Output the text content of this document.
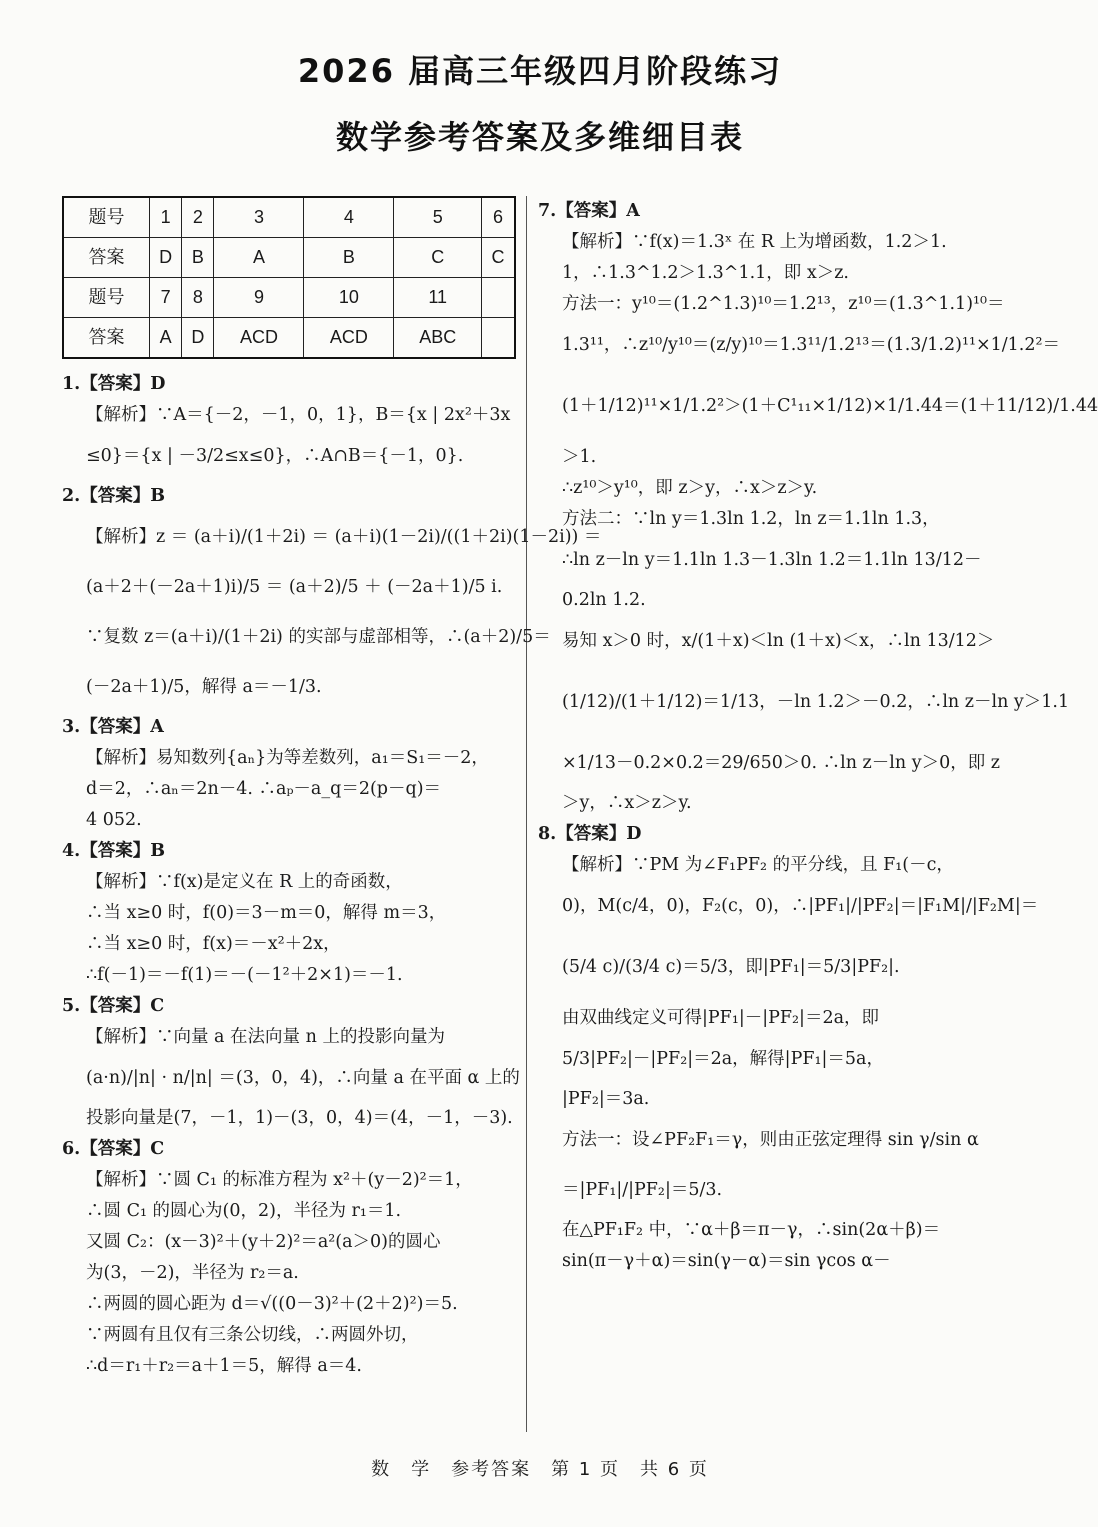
2026 届高三年级四月阶段练习
数学参考答案及多维细目表
题号	1	2	3	4	5	6
答案	D	B	A	B	C	C
题号	7	8	9	10	11	
答案	A	D	ACD	ACD	ABC	
1.【答案】D
【解析】∵A＝{－2，－1，0，1}，B＝{x | 2x²＋3x
≤0}＝{x | －3/2≤x≤0}，∴A∩B＝{－1，0}.
2.【答案】B
【解析】z ＝ (a＋i)/(1＋2i) ＝ (a＋i)(1－2i)/((1＋2i)(1－2i)) ＝
(a＋2＋(－2a＋1)i)/5 ＝ (a＋2)/5 ＋ (－2a＋1)/5 i.
∵复数 z＝(a＋i)/(1＋2i) 的实部与虚部相等，∴(a＋2)/5＝
(－2a＋1)/5，解得 a＝－1/3.
3.【答案】A
【解析】易知数列{aₙ}为等差数列，a₁＝S₁＝－2，
d＝2，∴aₙ＝2n－4. ∴aₚ－a_q＝2(p－q)＝
4 052.
4.【答案】B
【解析】∵f(x)是定义在 R 上的奇函数，
∴当 x≥0 时，f(0)＝3－m＝0，解得 m＝3，
∴当 x≥0 时，f(x)＝－x²＋2x，
∴f(－1)＝－f(1)＝－(－1²＋2×1)＝－1.
5.【答案】C
【解析】∵向量 a 在法向量 n 上的投影向量为
(a·n)/|n| · n/|n| ＝(3，0，4)，∴向量 a 在平面 α 上的
投影向量是(7，－1，1)－(3，0，4)＝(4，－1，－3).
6.【答案】C
【解析】∵圆 C₁ 的标准方程为 x²＋(y－2)²＝1，
∴圆 C₁ 的圆心为(0，2)，半径为 r₁＝1.
又圆 C₂：(x－3)²＋(y＋2)²＝a²(a＞0)的圆心
为(3，－2)，半径为 r₂＝a.
∴两圆的圆心距为 d＝√((0－3)²＋(2＋2)²)＝5.
∵两圆有且仅有三条公切线，∴两圆外切，
∴d＝r₁＋r₂＝a＋1＝5，解得 a＝4.
7.【答案】A
【解析】∵f(x)＝1.3ˣ 在 R 上为增函数，1.2＞1.
1，∴1.3^1.2＞1.3^1.1，即 x＞z.
方法一：y¹⁰＝(1.2^1.3)¹⁰＝1.2¹³，z¹⁰＝(1.3^1.1)¹⁰＝
1.3¹¹，∴z¹⁰/y¹⁰＝(z/y)¹⁰＝1.3¹¹/1.2¹³＝(1.3/1.2)¹¹×1/1.2²＝
(1＋1/12)¹¹×1/1.2²＞(1＋C¹₁₁×1/12)×1/1.44＝(1＋11/12)/1.44
＞1.
∴z¹⁰＞y¹⁰，即 z＞y，∴x＞z＞y.
方法二：∵ln y＝1.3ln 1.2，ln z＝1.1ln 1.3，
∴ln z－ln y＝1.1ln 1.3－1.3ln 1.2＝1.1ln 13/12－
0.2ln 1.2.
易知 x＞0 时，x/(1＋x)＜ln (1＋x)＜x，∴ln 13/12＞
(1/12)/(1＋1/12)＝1/13，－ln 1.2＞－0.2，∴ln z－ln y＞1.1
×1/13－0.2×0.2＝29/650＞0. ∴ln z－ln y＞0，即 z
＞y，∴x＞z＞y.
8.【答案】D
【解析】∵PM 为∠F₁PF₂ 的平分线，且 F₁(－c，
0)，M(c/4，0)，F₂(c，0)，∴|PF₁|/|PF₂|＝|F₁M|/|F₂M|＝
(5/4 c)/(3/4 c)＝5/3，即|PF₁|＝5/3|PF₂|.
由双曲线定义可得|PF₁|－|PF₂|＝2a，即
5/3|PF₂|－|PF₂|＝2a，解得|PF₁|＝5a，
|PF₂|＝3a.
方法一：设∠PF₂F₁＝γ，则由正弦定理得 sin γ/sin α
＝|PF₁|/|PF₂|＝5/3.
在△PF₁F₂ 中，∵α＋β＝π－γ，∴sin(2α＋β)＝
sin(π－γ＋α)＝sin(γ－α)＝sin γcos α－
数　学　参考答案　第 1 页　共 6 页
